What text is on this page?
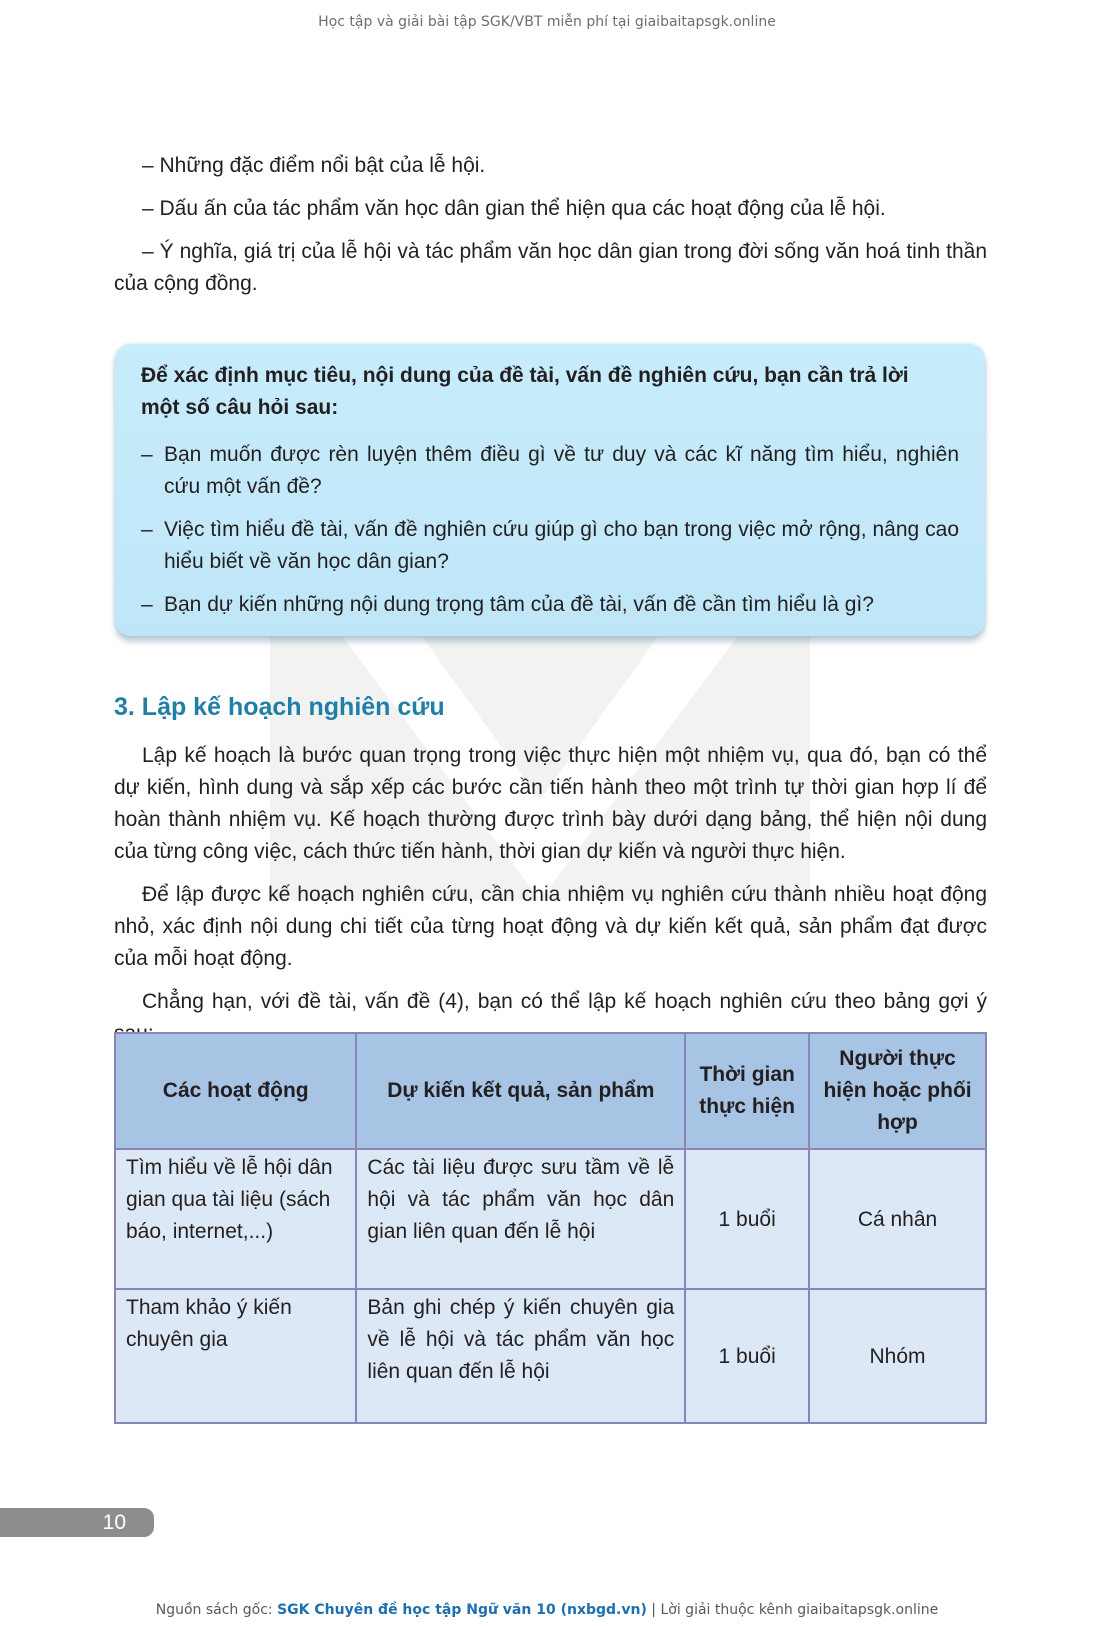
Học tập và giải bài tập SGK/VBT miễn phí tại giaibaitapsgk.online

– Những đặc điểm nổi bật của lễ hội.

– Dấu ấn của tác phẩm văn học dân gian thể hiện qua các hoạt động của lễ hội.

– Ý nghĩa, giá trị của lễ hội và tác phẩm văn học dân gian trong đời sống văn hoá tinh thần của cộng đồng.

Để xác định mục tiêu, nội dung của đề tài, vấn đề nghiên cứu, bạn cần trả lời một số câu hỏi sau:
– Bạn muốn được rèn luyện thêm điều gì về tư duy và các kĩ năng tìm hiểu, nghiên cứu một vấn đề?
– Việc tìm hiểu đề tài, vấn đề nghiên cứu giúp gì cho bạn trong việc mở rộng, nâng cao hiểu biết về văn học dân gian?
– Bạn dự kiến những nội dung trọng tâm của đề tài, vấn đề cần tìm hiểu là gì?
3. Lập kế hoạch nghiên cứu

Lập kế hoạch là bước quan trọng trong việc thực hiện một nhiệm vụ, qua đó, bạn có thể dự kiến, hình dung và sắp xếp các bước cần tiến hành theo một trình tự thời gian hợp lí để hoàn thành nhiệm vụ. Kế hoạch thường được trình bày dưới dạng bảng, thể hiện nội dung của từng công việc, cách thức tiến hành, thời gian dự kiến và người thực hiện.

Để lập được kế hoạch nghiên cứu, cần chia nhiệm vụ nghiên cứu thành nhiều hoạt động nhỏ, xác định nội dung chi tiết của từng hoạt động và dự kiến kết quả, sản phẩm đạt được của mỗi hoạt động.

Chẳng hạn, với đề tài, vấn đề (4), bạn có thể lập kế hoạch nghiên cứu theo bảng gợi ý

Các hoạt động	Dự kiến kết quả, sản phẩm	Thời gian thực hiện	Người thực hiện hoặc phối hợp
Tìm hiểu về lễ hội dân gian qua tài liệu (sách báo, internet,...)	Các tài liệu được sưu tầm về lễ hội và tác phẩm văn học dân gian liên quan đến lễ hội	1 buổi	Cá nhân
Tham khảo ý kiến chuyên gia	Bản ghi chép ý kiến chuyên gia về lễ hội và tác phẩm văn học liên quan đến lễ hội	1 buổi	Nhóm
10
Nguồn sách gốc: SGK Chuyên đề học tập Ngữ văn 10 (nxbgd.vn) | Lời giải thuộc kênh giaibaitapsgk.online
